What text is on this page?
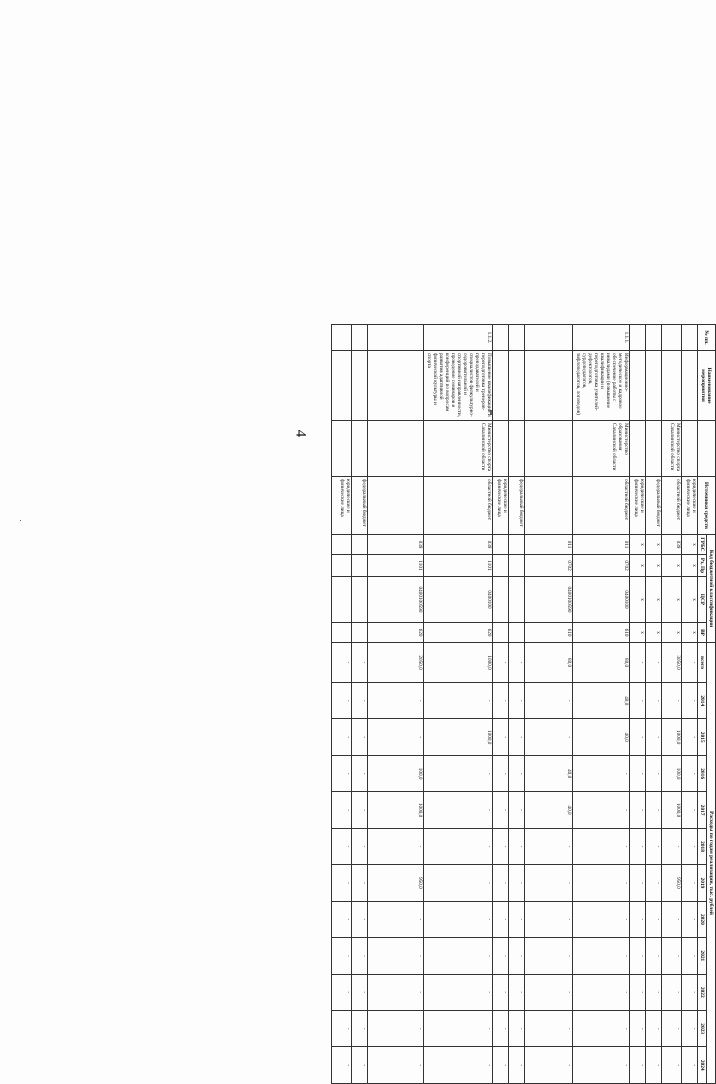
4
№ пп.	Наименование мероприятия		Источники средств	Код бюджетной классификации				Расходы по годам реализации, тыс. рублей											
				ГРБС	Рз, Пр	ЦСР	ВР	всего	2014	2015	2016	2017	2018	2019	2020	2021	2022	2023	2024
			юридические и физические лица	x	x	x	x	-	-	-	-	-	-	-	-	-	-	-	-
		Министерство спорта Сахалинской области	областной бюджет	039	x	x	x	3050,0	-	1000,0	100,0	1000,0	-	950,0	-	-	-	-	-
			федеральный бюджет	x	x	x	x	-	-	-	-	-	-	-	-	-	-	-	-
			юридические и физические лица	x	x	x	x	-	-	-	-	-	-	-	-	-	-	-	-
1.1.1.	Информационно-методическое и кадровое обеспечение работы с инвалидами (повышение квалификации и переподготовка учителей-дефектологов, сурдопедагогов, тифлопедагогов, логопедов)	Министерство образования Сахалинской области	областной бюджет	011	0702	0400100	610	80,0	40,0	40,0	-	-	-	-	-	-	-	-	-
				011	0702	0400100590	610	80,0	-	-	40,0	40,0	-	-	-	-	-	-	-
			федеральный бюджет					-	-	-	-	-	-	-	-	-	-	-	-
			юридические и физические лица					-	-	-	-	-	-	-	-	-	-	-	-
1.1.2.	Повышение квалификации и переподготовка тренеров-преподавателей и специалистов физкультурно-оздоровительной и спортивной направленности, проведение семинаров и конференций по вопросам развития адаптивной физической культуры и спорта	Министерство спорта Сахалинской области	областной бюджет	039	1101	0400100	620	1000,0	-	1000,0	-	-	-	-	-	-	-	-	-
				039	1101	0400100590	620	2050,0	-	-	100,0	1000,0	-	950,0	-	-	-	-	-
			федеральный бюджет					-	-	-	-	-	-	-	-	-	-	-	-
			юридические и физические лица					-	-	-	-	-	-	-	-	-	-	-	-
